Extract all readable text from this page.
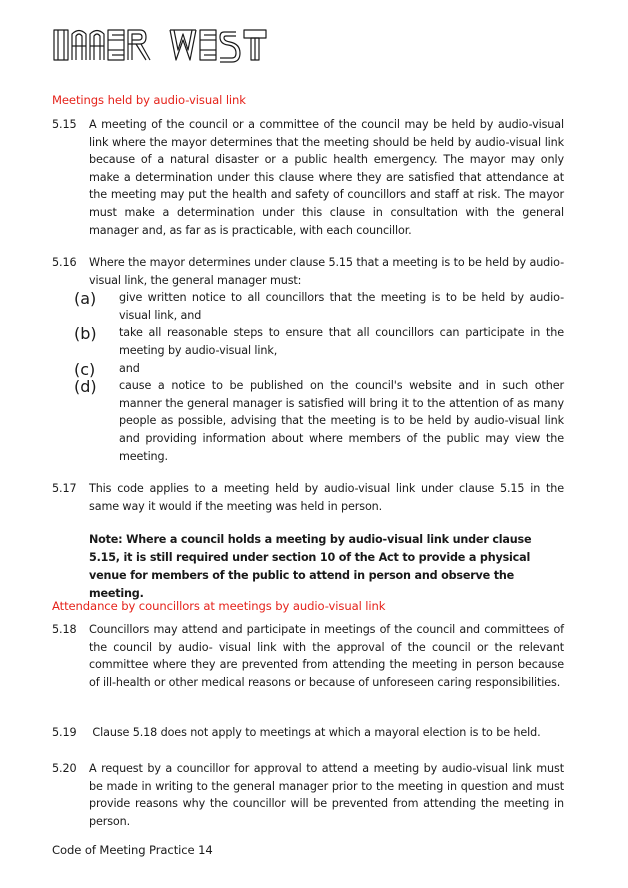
Meetings held by audio-visual link
5.15 A meeting of the council or a committee of the council may be held by audio-visual link where the mayor determines that the meeting should be held by audio-visual link because of a natural disaster or a public health emergency. The mayor may only make a determination under this clause where they are satisfied that attendance at the meeting may put the health and safety of councillors and staff at risk. The mayor must make a determination under this clause in consultation with the general manager and, as far as is practicable, with each councillor.
5.16 Where the mayor determines under clause 5.15 that a meeting is to be held by audio-visual link, the general manager must:
(a) give written notice to all councillors that the meeting is to be held by audio-visual link, and
(b) take all reasonable steps to ensure that all councillors can participate in the meeting by audio-visual link,
(c) and
(d) cause a notice to be published on the council's website and in such other manner the general manager is satisfied will bring it to the attention of as many people as possible, advising that the meeting is to be held by audio-visual link and providing information about where members of the public may view the meeting.
5.17 This code applies to a meeting held by audio-visual link under clause 5.15 in the same way it would if the meeting was held in person.

Note: Where a council holds a meeting by audio-visual link under clause 5.15, it is still required under section 10 of the Act to provide a physical venue for members of the public to attend in person and observe the meeting.

Attendance by councillors at meetings by audio-visual link
5.18 Councillors may attend and participate in meetings of the council and committees of the council by audio- visual link with the approval of the council or the relevant committee where they are prevented from attending the meeting in person because of ill-health or other medical reasons or because of unforeseen caring responsibilities.
5.19 Clause 5.18 does not apply to meetings at which a mayoral election is to be held.
5.20 A request by a councillor for approval to attend a meeting by audio-visual link must be made in writing to the general manager prior to the meeting in question and must provide reasons why the councillor will be prevented from attending the meeting in person.
Code of Meeting Practice 14
